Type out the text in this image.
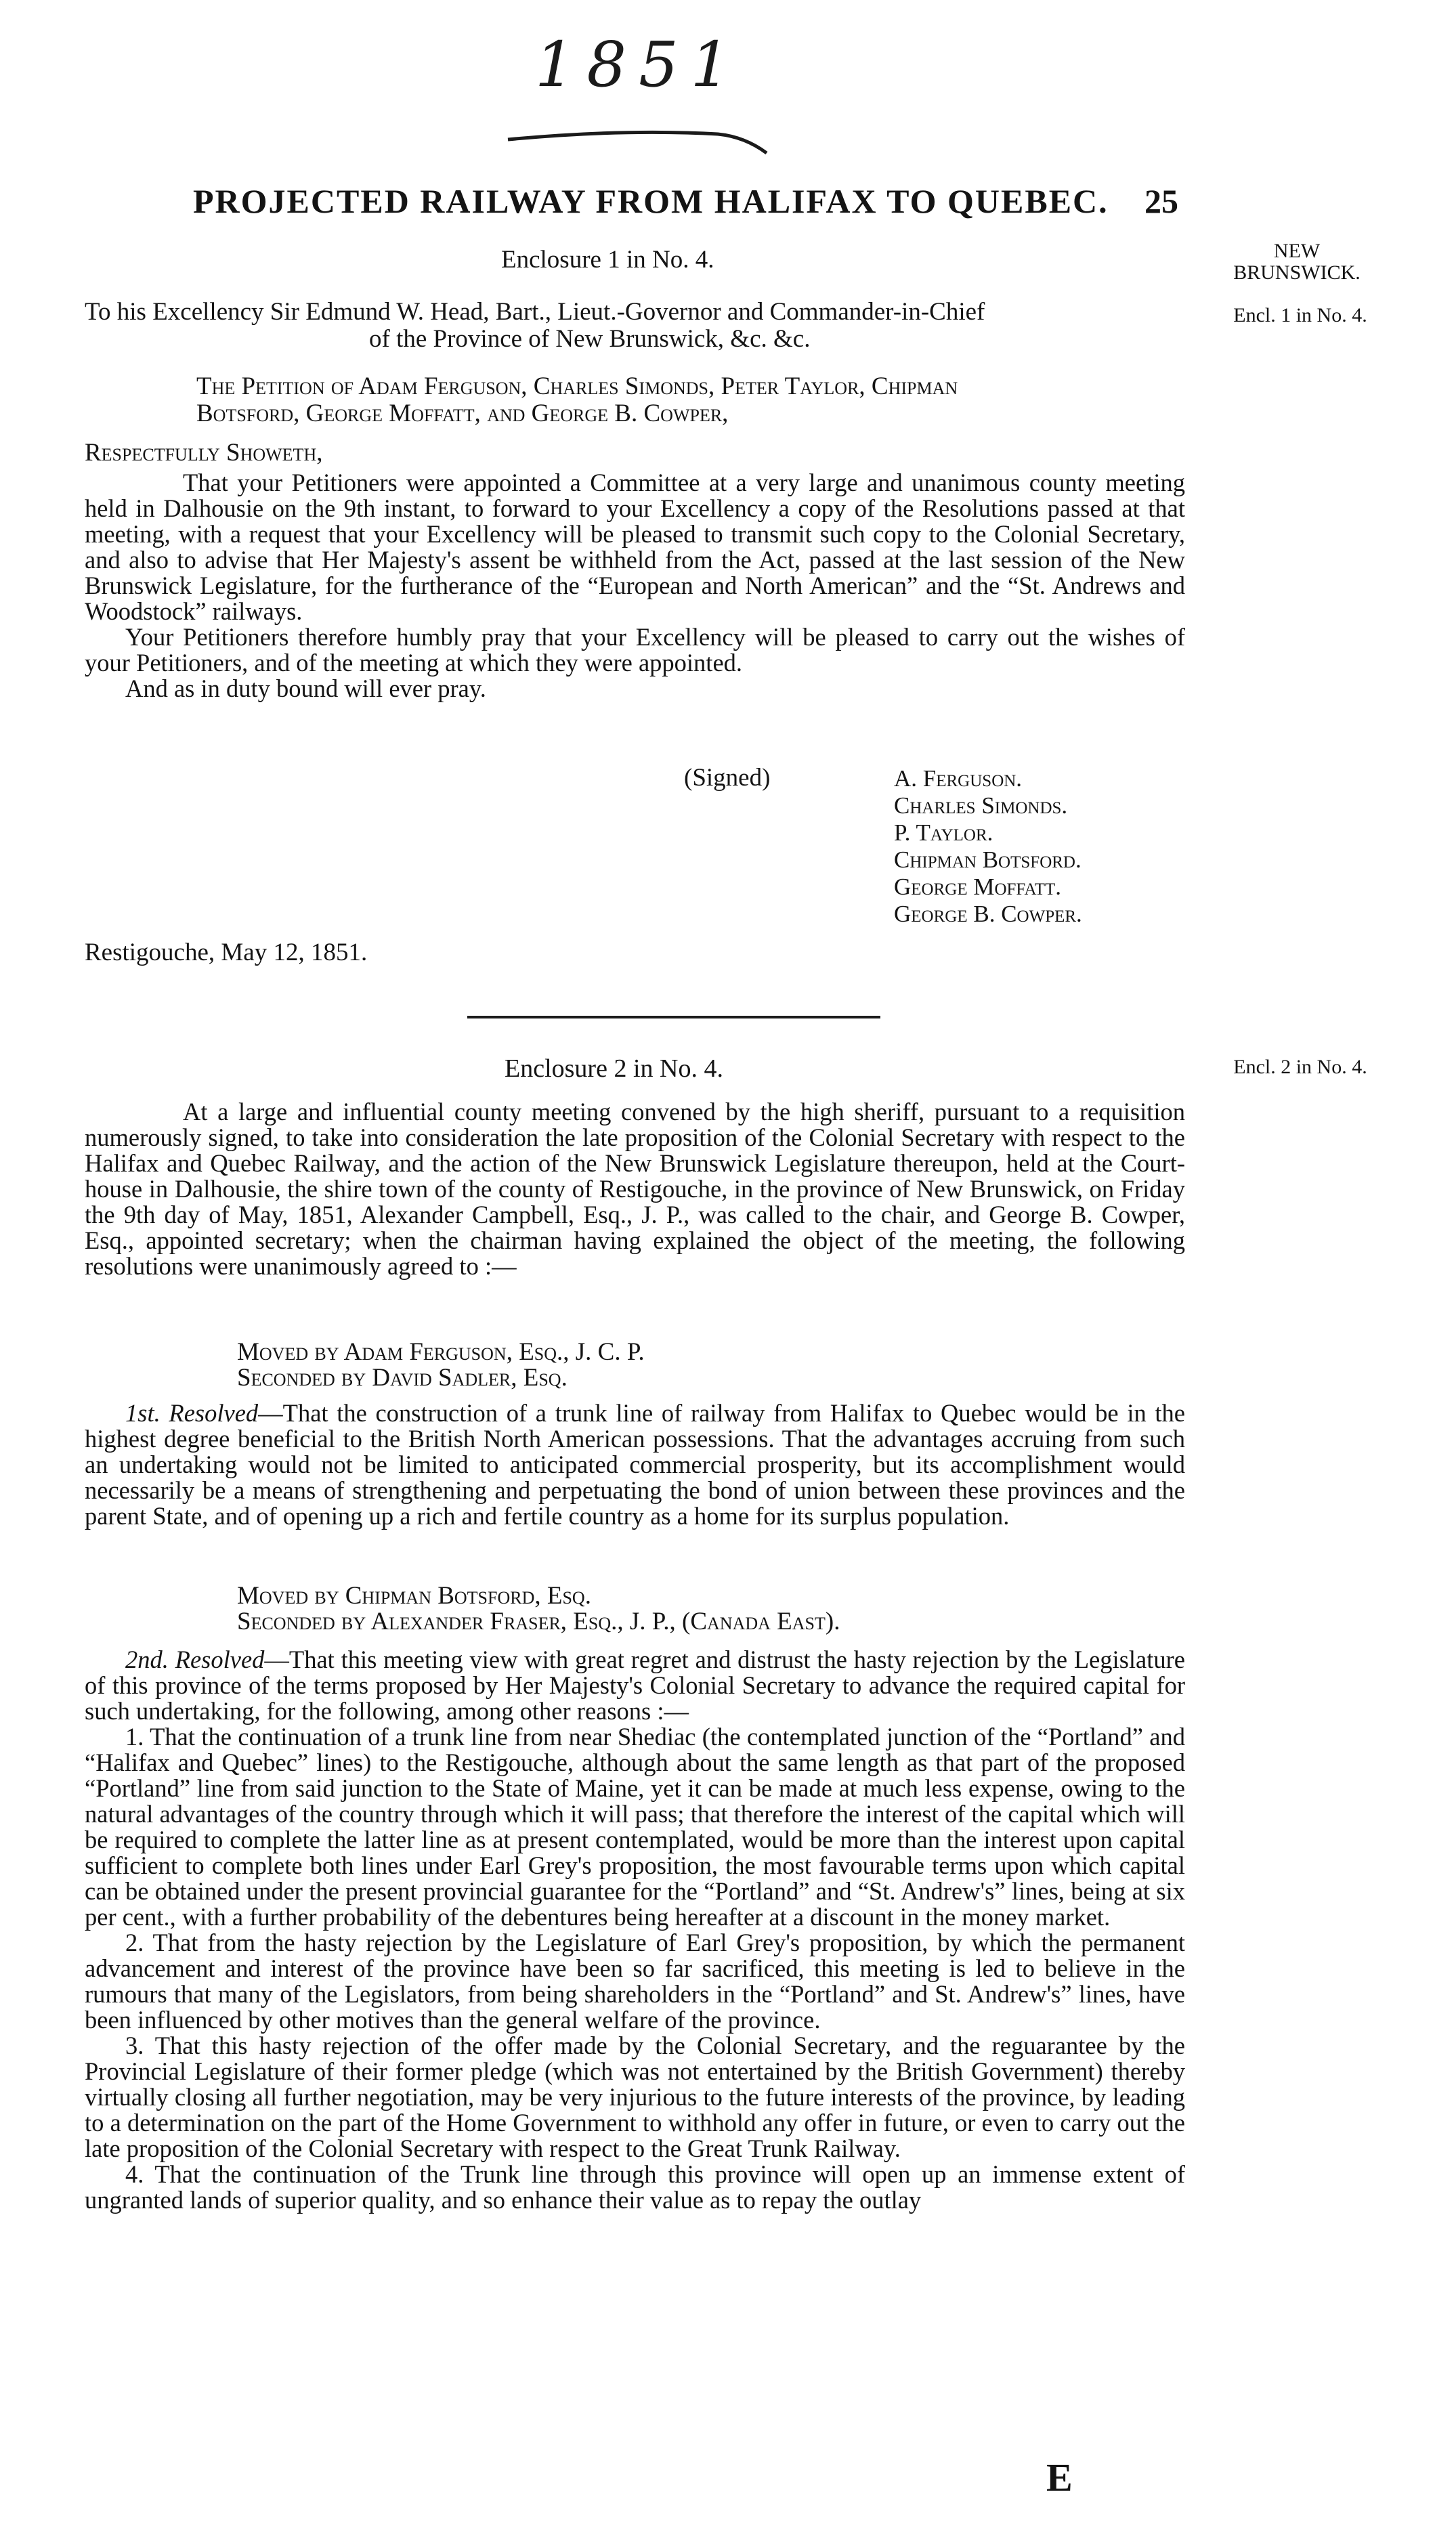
1851
PROJECTED RAILWAY FROM HALIFAX TO QUEBEC.	25
NEW BRUNSWICK.
Encl. 1 in No. 4.
Encl. 2 in No. 4.
Enclosure 1 in No. 4.
To his Excellency Sir Edmund W. Head, Bart., Lieut.-Governor and Commander-in-Chief
of the Province of New Brunswick, &c. &c.
The Petition of Adam Ferguson, Charles Simonds, Peter Taylor, Chipman
Botsford, George Moffatt, and George B. Cowper,
Respectfully Showeth,

That your Petitioners were appointed a Committee at a very large and unanimous county meeting held in Dalhousie on the 9th instant, to forward to your Excellency a copy of the Resolutions passed at that meeting, with a request that your Excellency will be pleased to transmit such copy to the Colonial Secretary, and also to advise that Her Majesty's assent be withheld from the Act, passed at the last session of the New Brunswick Legislature, for the furtherance of the “European and North American” and the “St. Andrews and Woodstock” railways.

Your Petitioners therefore humbly pray that your Excellency will be pleased to carry out the wishes of your Petitioners, and of the meeting at which they were appointed.

And as in duty bound will ever pray.

(Signed)	A. Ferguson.
Charles Simonds.
P. Taylor.
Chipman Botsford.
George Moffatt.
George B. Cowper.
Restigouche, May 12, 1851.
Enclosure 2 in No. 4.

At a large and influential county meeting convened by the high sheriff, pursuant to a requisition numerously signed, to take into consideration the late proposition of the Colonial Secretary with respect to the Halifax and Quebec Railway, and the action of the New Brunswick Legislature thereupon, held at the Court-house in Dalhousie, the shire town of the county of Restigouche, in the province of New Brunswick, on Friday the 9th day of May, 1851, Alexander Campbell, Esq., J. P., was called to the chair, and George B. Cowper, Esq., appointed secretary; when the chairman having explained the object of the meeting, the following resolutions were unanimously agreed to :—

Moved by Adam Ferguson, Esq., J. C. P.
Seconded by David Sadler, Esq.

1st. Resolved—That the construction of a trunk line of railway from Halifax to Quebec would be in the highest degree beneficial to the British North American possessions. That the advantages accruing from such an undertaking would not be limited to anticipated commercial prosperity, but its accomplishment would necessarily be a means of strengthening and perpetuating the bond of union between these provinces and the parent State, and of opening up a rich and fertile country as a home for its surplus population.

Moved by Chipman Botsford, Esq.
Seconded by Alexander Fraser, Esq., J. P., (Canada East).

2nd. Resolved—That this meeting view with great regret and distrust the hasty rejection by the Legislature of this province of the terms proposed by Her Majesty's Colonial Secretary to advance the required capital for such undertaking, for the following, among other reasons :—

1. That the continuation of a trunk line from near Shediac (the contemplated junction of the “Portland” and “Halifax and Quebec” lines) to the Restigouche, although about the same length as that part of the proposed “Portland” line from said junction to the State of Maine, yet it can be made at much less expense, owing to the natural advantages of the country through which it will pass; that therefore the interest of the capital which will be required to complete the latter line as at present contemplated, would be more than the interest upon capital sufficient to complete both lines under Earl Grey's proposition, the most favourable terms upon which capital can be obtained under the present provincial guarantee for the “Portland” and “St. Andrew's” lines, being at six per cent., with a further probability of the debentures being hereafter at a discount in the money market.

2. That from the hasty rejection by the Legislature of Earl Grey's proposition, by which the permanent advancement and interest of the province have been so far sacrificed, this meeting is led to believe in the rumours that many of the Legislators, from being shareholders in the “Portland” and St. Andrew's” lines, have been influenced by other motives than the general welfare of the province.

3. That this hasty rejection of the offer made by the Colonial Secretary, and the reguarantee by the Provincial Legislature of their former pledge (which was not entertained by the British Government) thereby virtually closing all further negotiation, may be very injurious to the future interests of the province, by leading to a determination on the part of the Home Government to withhold any offer in future, or even to carry out the late proposition of the Colonial Secretary with respect to the Great Trunk Railway.

4. That the continuation of the Trunk line through this province will open up an immense extent of ungranted lands of superior quality, and so enhance their value as to repay the outlay

E
